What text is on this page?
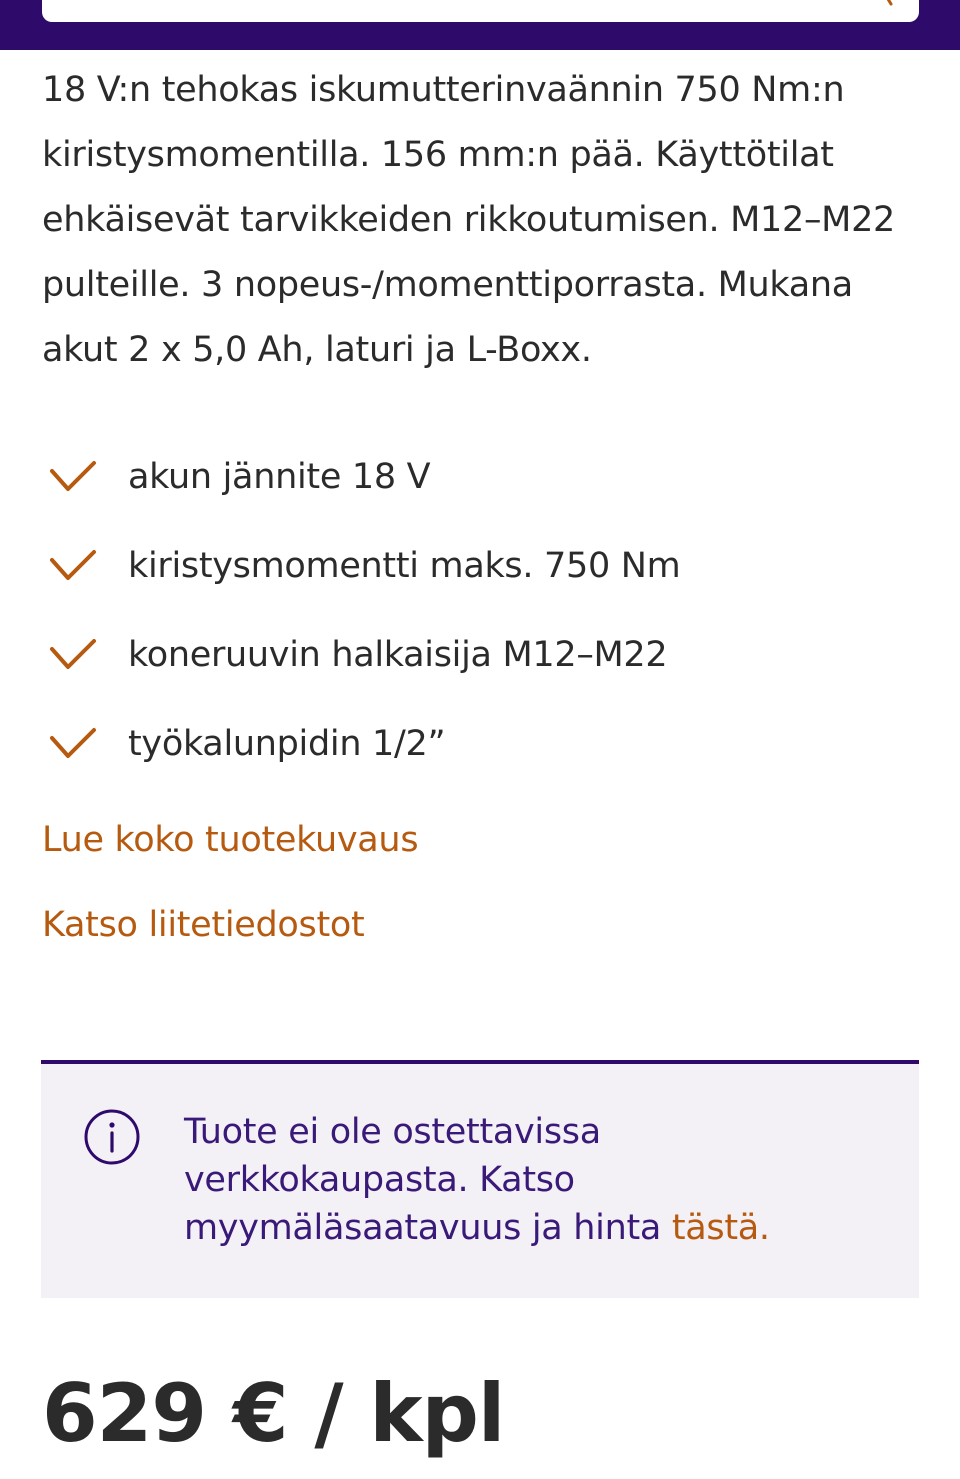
18 V:n tehokas iskumutterinvaännin 750 Nm:n kiristysmomentilla. 156 mm:n pää. Käyttötilat ehkäisevät tarvikkeiden rikkoutumisen. M12–M22 pulteille. 3 nopeus-/momenttiporrasta. Mukana akut 2 x 5,0 Ah, laturi ja L-Boxx.

akun jännite 18 V
kiristysmomentti maks. 750 Nm
koneruuvin halkaisija M12–M22
työkalunpidin 1/2”
Lue koko tuotekuvaus
Katso liitetiedostot

Tuote ei ole ostettavissa verkkokaupasta. Katso myymäläsaatavuus ja hinta tästä.

629 € / kpl
